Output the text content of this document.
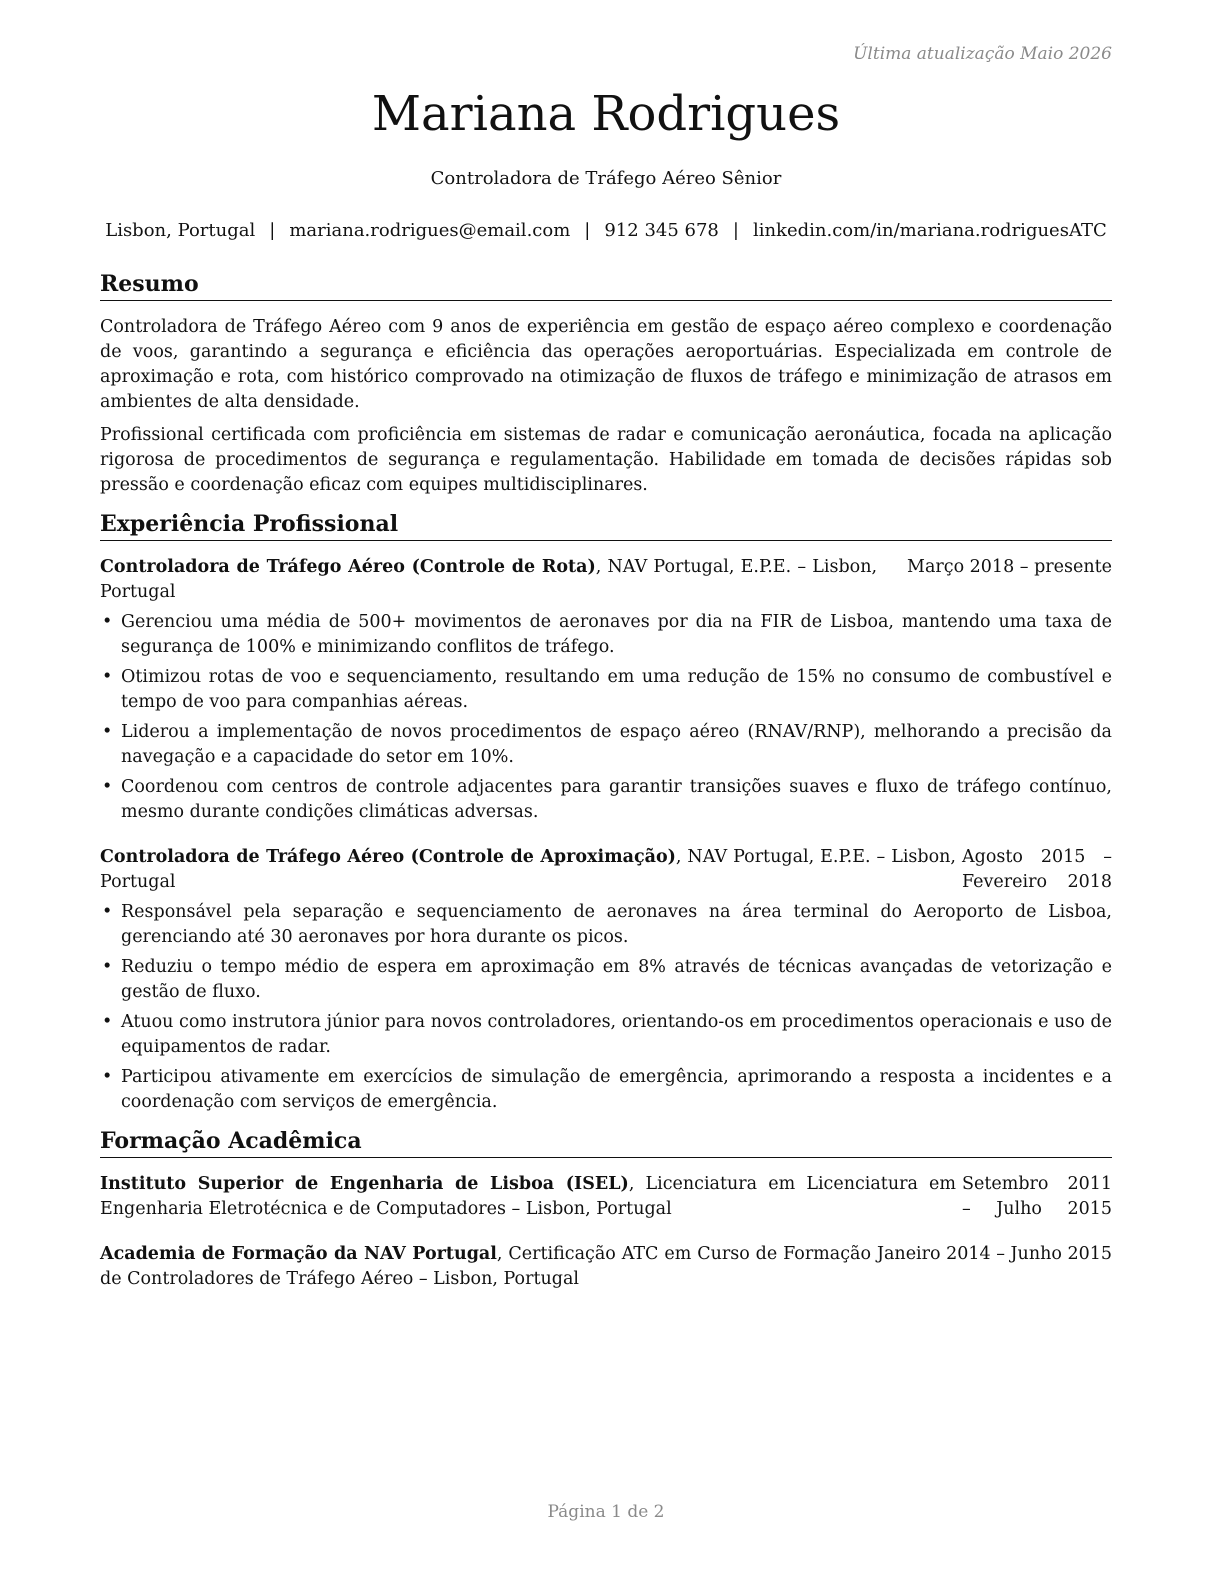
Última atualização Maio 2026
Mariana Rodrigues
Controladora de Tráfego Aéreo Sênior
Lisbon, Portugal | mariana.rodrigues@email.com | 912 345 678 | linkedin.com/in/mariana.rodriguesATC
Resumo

Controladora de Tráfego Aéreo com 9 anos de experiência em gestão de espaço aéreo complexo e coordenação de voos, garantindo a segurança e eficiência das operações aeroportuárias. Especializada em controle de aproximação e rota, com histórico comprovado na otimização de fluxos de tráfego e minimização de atrasos em ambientes de alta densidade.

Profissional certificada com proficiência em sistemas de radar e comunicação aeronáutica, focada na aplicação rigorosa de procedimentos de segurança e regulamentação. Habilidade em tomada de decisões rápidas sob pressão e coordenação eficaz com equipes multidisciplinares.

Experiência Profissional
Controladora de Tráfego Aéreo (Controle de Rota), NAV Portugal, E.P.E. – Lisbon, Portugal
Março 2018 – presente
• Gerenciou uma média de 500+ movimentos de aeronaves por dia na FIR de Lisboa, mantendo uma taxa de segurança de 100% e minimizando conflitos de tráfego.
• Otimizou rotas de voo e sequenciamento, resultando em uma redução de 15% no consumo de combustível e tempo de voo para companhias aéreas.
• Liderou a implementação de novos procedimentos de espaço aéreo (RNAV/RNP), melhorando a precisão da navegação e a capacidade do setor em 10%.
• Coordenou com centros de controle adjacentes para garantir transições suaves e fluxo de tráfego contínuo, mesmo durante condições climáticas adversas.
Controladora de Tráfego Aéreo (Controle de Aproximação), NAV Portugal, E.P.E. – Lisbon, Portugal
Agosto 2015 – Fevereiro 2018
• Responsável pela separação e sequenciamento de aeronaves na área terminal do Aeroporto de Lisboa, gerenciando até 30 aeronaves por hora durante os picos.
• Reduziu o tempo médio de espera em aproximação em 8% através de técnicas avançadas de vetorização e gestão de fluxo.
• Atuou como instrutora júnior para novos controladores, orientando-os em procedimentos operacionais e uso de equipamentos de radar.
• Participou ativamente em exercícios de simulação de emergência, aprimorando a resposta a incidentes e a coordenação com serviços de emergência.
Formação Acadêmica
Instituto Superior de Engenharia de Lisboa (ISEL), Licenciatura em Licenciatura em Engenharia Eletrotécnica e de Computadores – Lisbon, Portugal
Setembro 2011 – Julho 2015
Academia de Formação da NAV Portugal, Certificação ATC em Curso de Formação de Controladores de Tráfego Aéreo – Lisbon, Portugal
Janeiro 2014 – Junho 2015
Página 1 de 2
